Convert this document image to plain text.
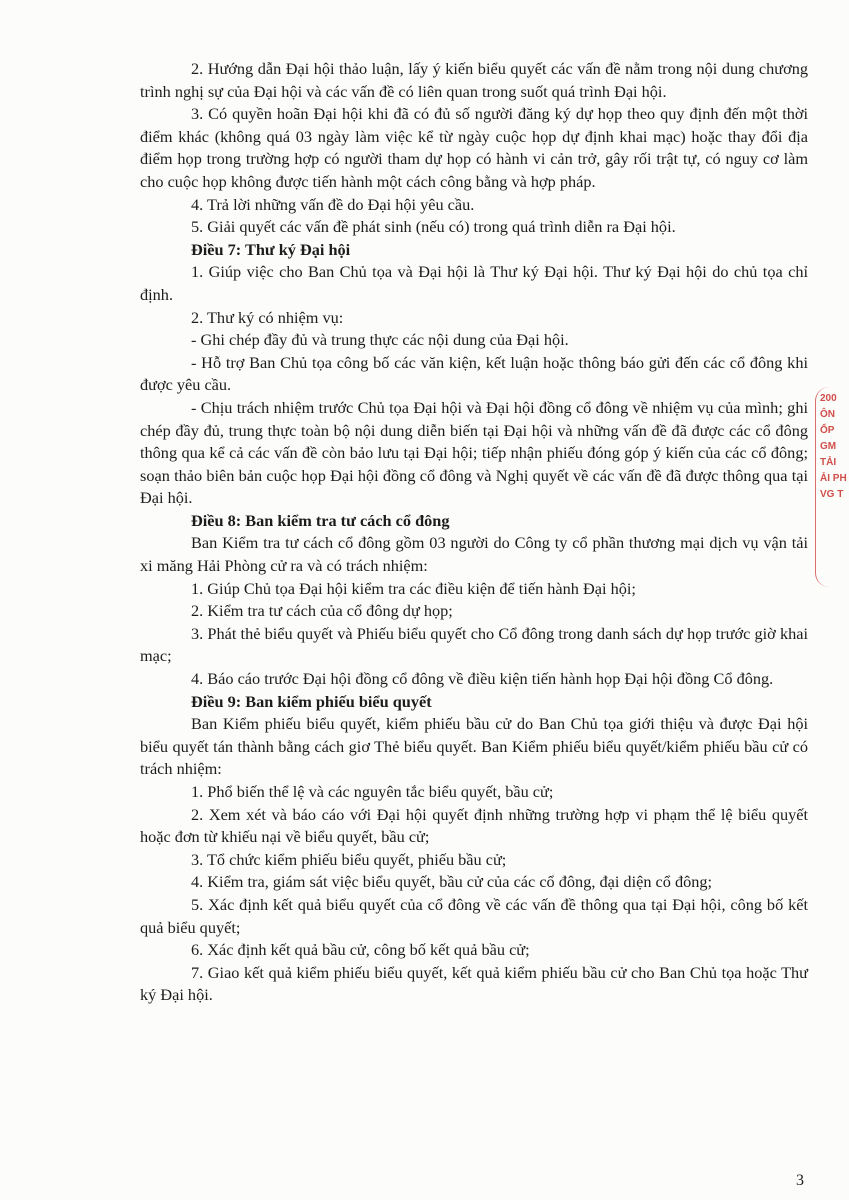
2. Hướng dẫn Đại hội thảo luận, lấy ý kiến biểu quyết các vấn đề nằm trong nội dung chương trình nghị sự của Đại hội và các vấn đề có liên quan trong suốt quá trình Đại hội.

3. Có quyền hoãn Đại hội khi đã có đủ số người đăng ký dự họp theo quy định đến một thời điểm khác (không quá 03 ngày làm việc kể từ ngày cuộc họp dự định khai mạc) hoặc thay đổi địa điểm họp trong trường hợp có người tham dự họp có hành vi cản trở, gây rối trật tự, có nguy cơ làm cho cuộc họp không được tiến hành một cách công bằng và hợp pháp.

4. Trả lời những vấn đề do Đại hội yêu cầu.

5. Giải quyết các vấn đề phát sinh (nếu có) trong quá trình diễn ra Đại hội.

Điều 7: Thư ký Đại hội

1. Giúp việc cho Ban Chủ tọa và Đại hội là Thư ký Đại hội. Thư ký Đại hội do chủ tọa chỉ định.

2. Thư ký có nhiệm vụ:

- Ghi chép đầy đủ và trung thực các nội dung của Đại hội.

- Hỗ trợ Ban Chủ tọa công bố các văn kiện, kết luận hoặc thông báo gửi đến các cổ đông khi được yêu cầu.

- Chịu trách nhiệm trước Chủ tọa Đại hội và Đại hội đồng cổ đông về nhiệm vụ của mình; ghi chép đầy đủ, trung thực toàn bộ nội dung diễn biến tại Đại hội và những vấn đề đã được các cổ đông thông qua kể cả các vấn đề còn bảo lưu tại Đại hội; tiếp nhận phiếu đóng góp ý kiến của các cổ đông; soạn thảo biên bản cuộc họp Đại hội đồng cổ đông và Nghị quyết về các vấn đề đã được thông qua tại Đại hội.

Điều 8: Ban kiểm tra tư cách cổ đông

Ban Kiểm tra tư cách cổ đông gồm 03 người do Công ty cổ phần thương mại dịch vụ vận tải xi măng Hải Phòng cử ra và có trách nhiệm:

1. Giúp Chủ tọa Đại hội kiểm tra các điều kiện để tiến hành Đại hội;

2. Kiểm tra tư cách của cổ đông dự họp;

3. Phát thẻ biểu quyết và Phiếu biểu quyết cho Cổ đông trong danh sách dự họp trước giờ khai mạc;

4. Báo cáo trước Đại hội đồng cổ đông về điều kiện tiến hành họp Đại hội đồng Cổ đông.

Điều 9: Ban kiểm phiếu biểu quyết

Ban Kiểm phiếu biểu quyết, kiểm phiếu bầu cử do Ban Chủ tọa giới thiệu và được Đại hội biểu quyết tán thành bằng cách giơ Thẻ biểu quyết. Ban Kiểm phiếu biểu quyết/kiểm phiếu bầu cử có trách nhiệm:

1. Phổ biến thể lệ và các nguyên tắc biểu quyết, bầu cử;

2. Xem xét và báo cáo với Đại hội quyết định những trường hợp vi phạm thể lệ biểu quyết hoặc đơn từ khiếu nại về biểu quyết, bầu cử;

3. Tổ chức kiểm phiếu biểu quyết, phiếu bầu cử;

4. Kiểm tra, giám sát việc biểu quyết, bầu cử của các cổ đông, đại diện cổ đông;

5. Xác định kết quả biểu quyết của cổ đông về các vấn đề thông qua tại Đại hội, công bố kết quả biểu quyết;

6. Xác định kết quả bầu cử, công bố kết quả bầu cử;

7. Giao kết quả kiểm phiếu biểu quyết, kết quả kiểm phiếu bầu cử cho Ban Chủ tọa hoặc Thư ký Đại hội.

200
ÔN
ỔP
GM
TẢI
ẢI PH
VG T
3
